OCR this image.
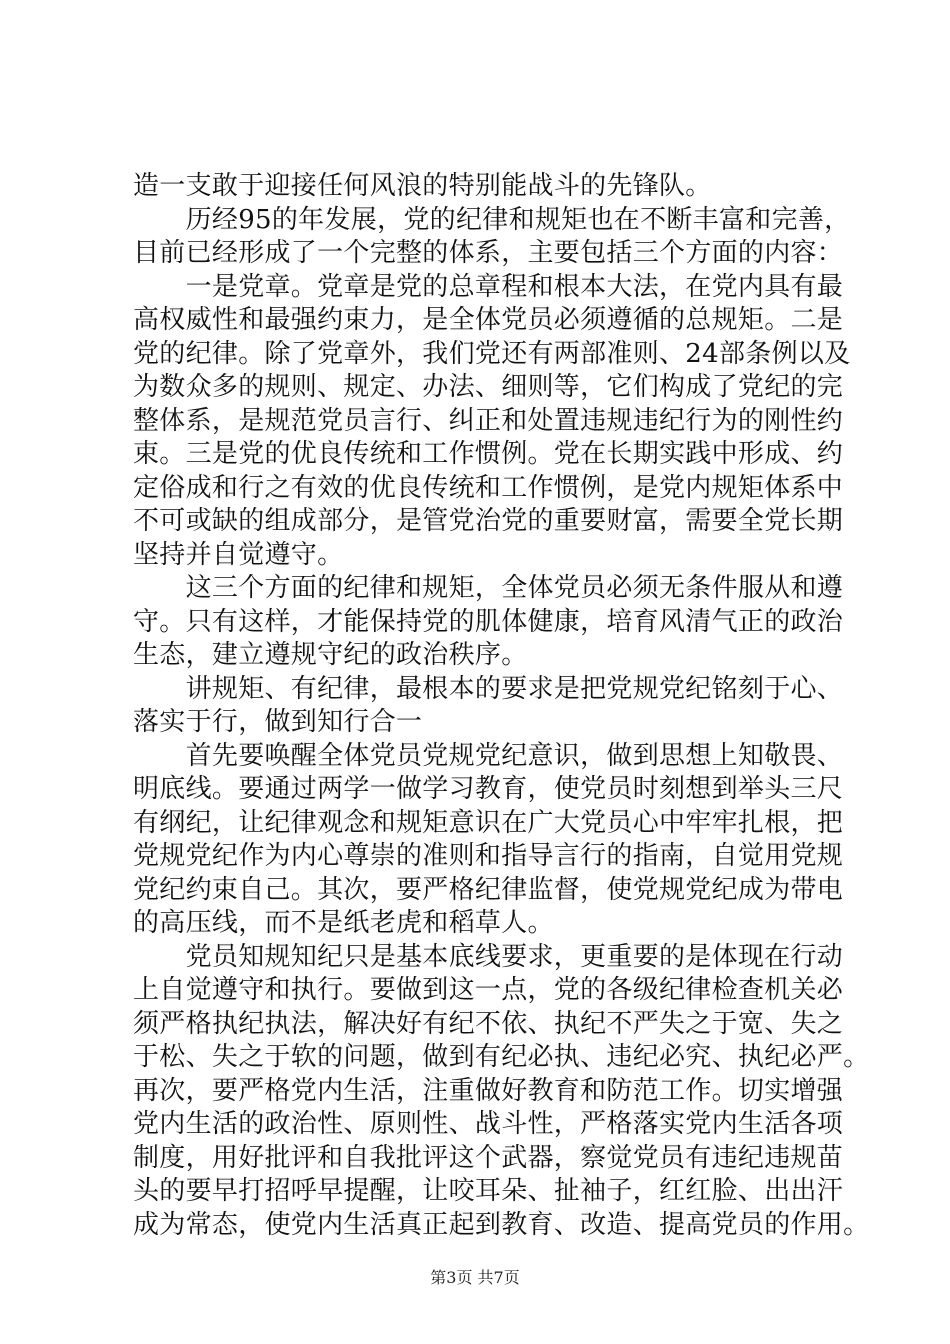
造一支敢于迎接任何风浪的特别能战斗的先锋队。
　　历经95的年发展，党的纪律和规矩也在不断丰富和完善，
目前已经形成了一个完整的体系，主要包括三个方面的内容：
　　一是党章。党章是党的总章程和根本大法，在党内具有最
高权威性和最强约束力，是全体党员必须遵循的总规矩。二是
党的纪律。除了党章外，我们党还有两部准则、24部条例以及
为数众多的规则、规定、办法、细则等，它们构成了党纪的完
整体系，是规范党员言行、纠正和处置违规违纪行为的刚性约
束。三是党的优良传统和工作惯例。党在长期实践中形成、约
定俗成和行之有效的优良传统和工作惯例，是党内规矩体系中
不可或缺的组成部分，是管党治党的重要财富，需要全党长期
坚持并自觉遵守。
　　这三个方面的纪律和规矩，全体党员必须无条件服从和遵
守。只有这样，才能保持党的肌体健康，培育风清气正的政治
生态，建立遵规守纪的政治秩序。
　　讲规矩、有纪律，最根本的要求是把党规党纪铭刻于心、
落实于行，做到知行合一
　　首先要唤醒全体党员党规党纪意识，做到思想上知敬畏、
明底线。要通过两学一做学习教育，使党员时刻想到举头三尺
有纲纪，让纪律观念和规矩意识在广大党员心中牢牢扎根，把
党规党纪作为内心尊崇的准则和指导言行的指南，自觉用党规
党纪约束自己。其次，要严格纪律监督，使党规党纪成为带电
的高压线，而不是纸老虎和稻草人。
　　党员知规知纪只是基本底线要求，更重要的是体现在行动
上自觉遵守和执行。要做到这一点，党的各级纪律检查机关必
须严格执纪执法，解决好有纪不依、执纪不严失之于宽、失之
于松、失之于软的问题，做到有纪必执、违纪必究、执纪必严。
再次，要严格党内生活，注重做好教育和防范工作。切实增强
党内生活的政治性、原则性、战斗性，严格落实党内生活各项
制度，用好批评和自我批评这个武器，察觉党员有违纪违规苗
头的要早打招呼早提醒，让咬耳朵、扯袖子，红红脸、出出汗
成为常态，使党内生活真正起到教育、改造、提高党员的作用。
第3页 共7页
